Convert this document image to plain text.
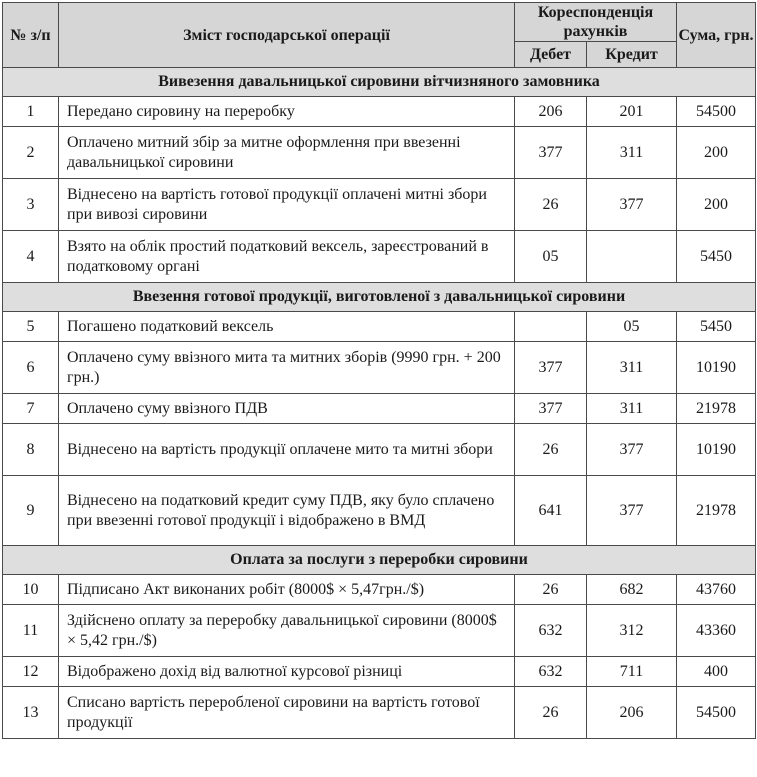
№ з/п	Зміст господарської операції	Кореспонденція рахунків		Сума, грн.
		Дебет	Кредит	
Вивезення давальницької сировини вітчизняного замовника				
1	Передано сировину на переробку	206	201	54500
2	Оплачено митний збір за митне оформлення при ввезенні давальницької сировини	377	311	200
3	Віднесено на вартість готової продукції оплачені митні збори при вивозі сировини	26	377	200
4	Взято на облік простий податковий вексель, зареєстрований в податковому органі	05		5450
Ввезення готової продукції, виготовленої з давальницької сировини				
5	Погашено податковий вексель		05	5450
6	Оплачено суму ввізного мита та митних зборів (9990 грн. + 200 грн.)	377	311	10190
7	Оплачено суму ввізного ПДВ	377	311	21978
8	Віднесено на вартість продукції оплачене мито та митні збори	26	377	10190
9	Віднесено на податковий кредит суму ПДВ, яку було сплачено при ввезенні готової продукції і відображено в ВМД	641	377	21978
Оплата за послуги з переробки сировини				
10	Підписано Акт виконаних робіт (8000$ × 5,47грн./$)	26	682	43760
11	Здійснено оплату за переробку давальницької сировини (8000$ × 5,42 грн./$)	632	312	43360
12	Відображено дохід від валютної курсової різниці	632	711	400
13	Списано вартість переробленої сировини на вартість готової продукції	26	206	54500
